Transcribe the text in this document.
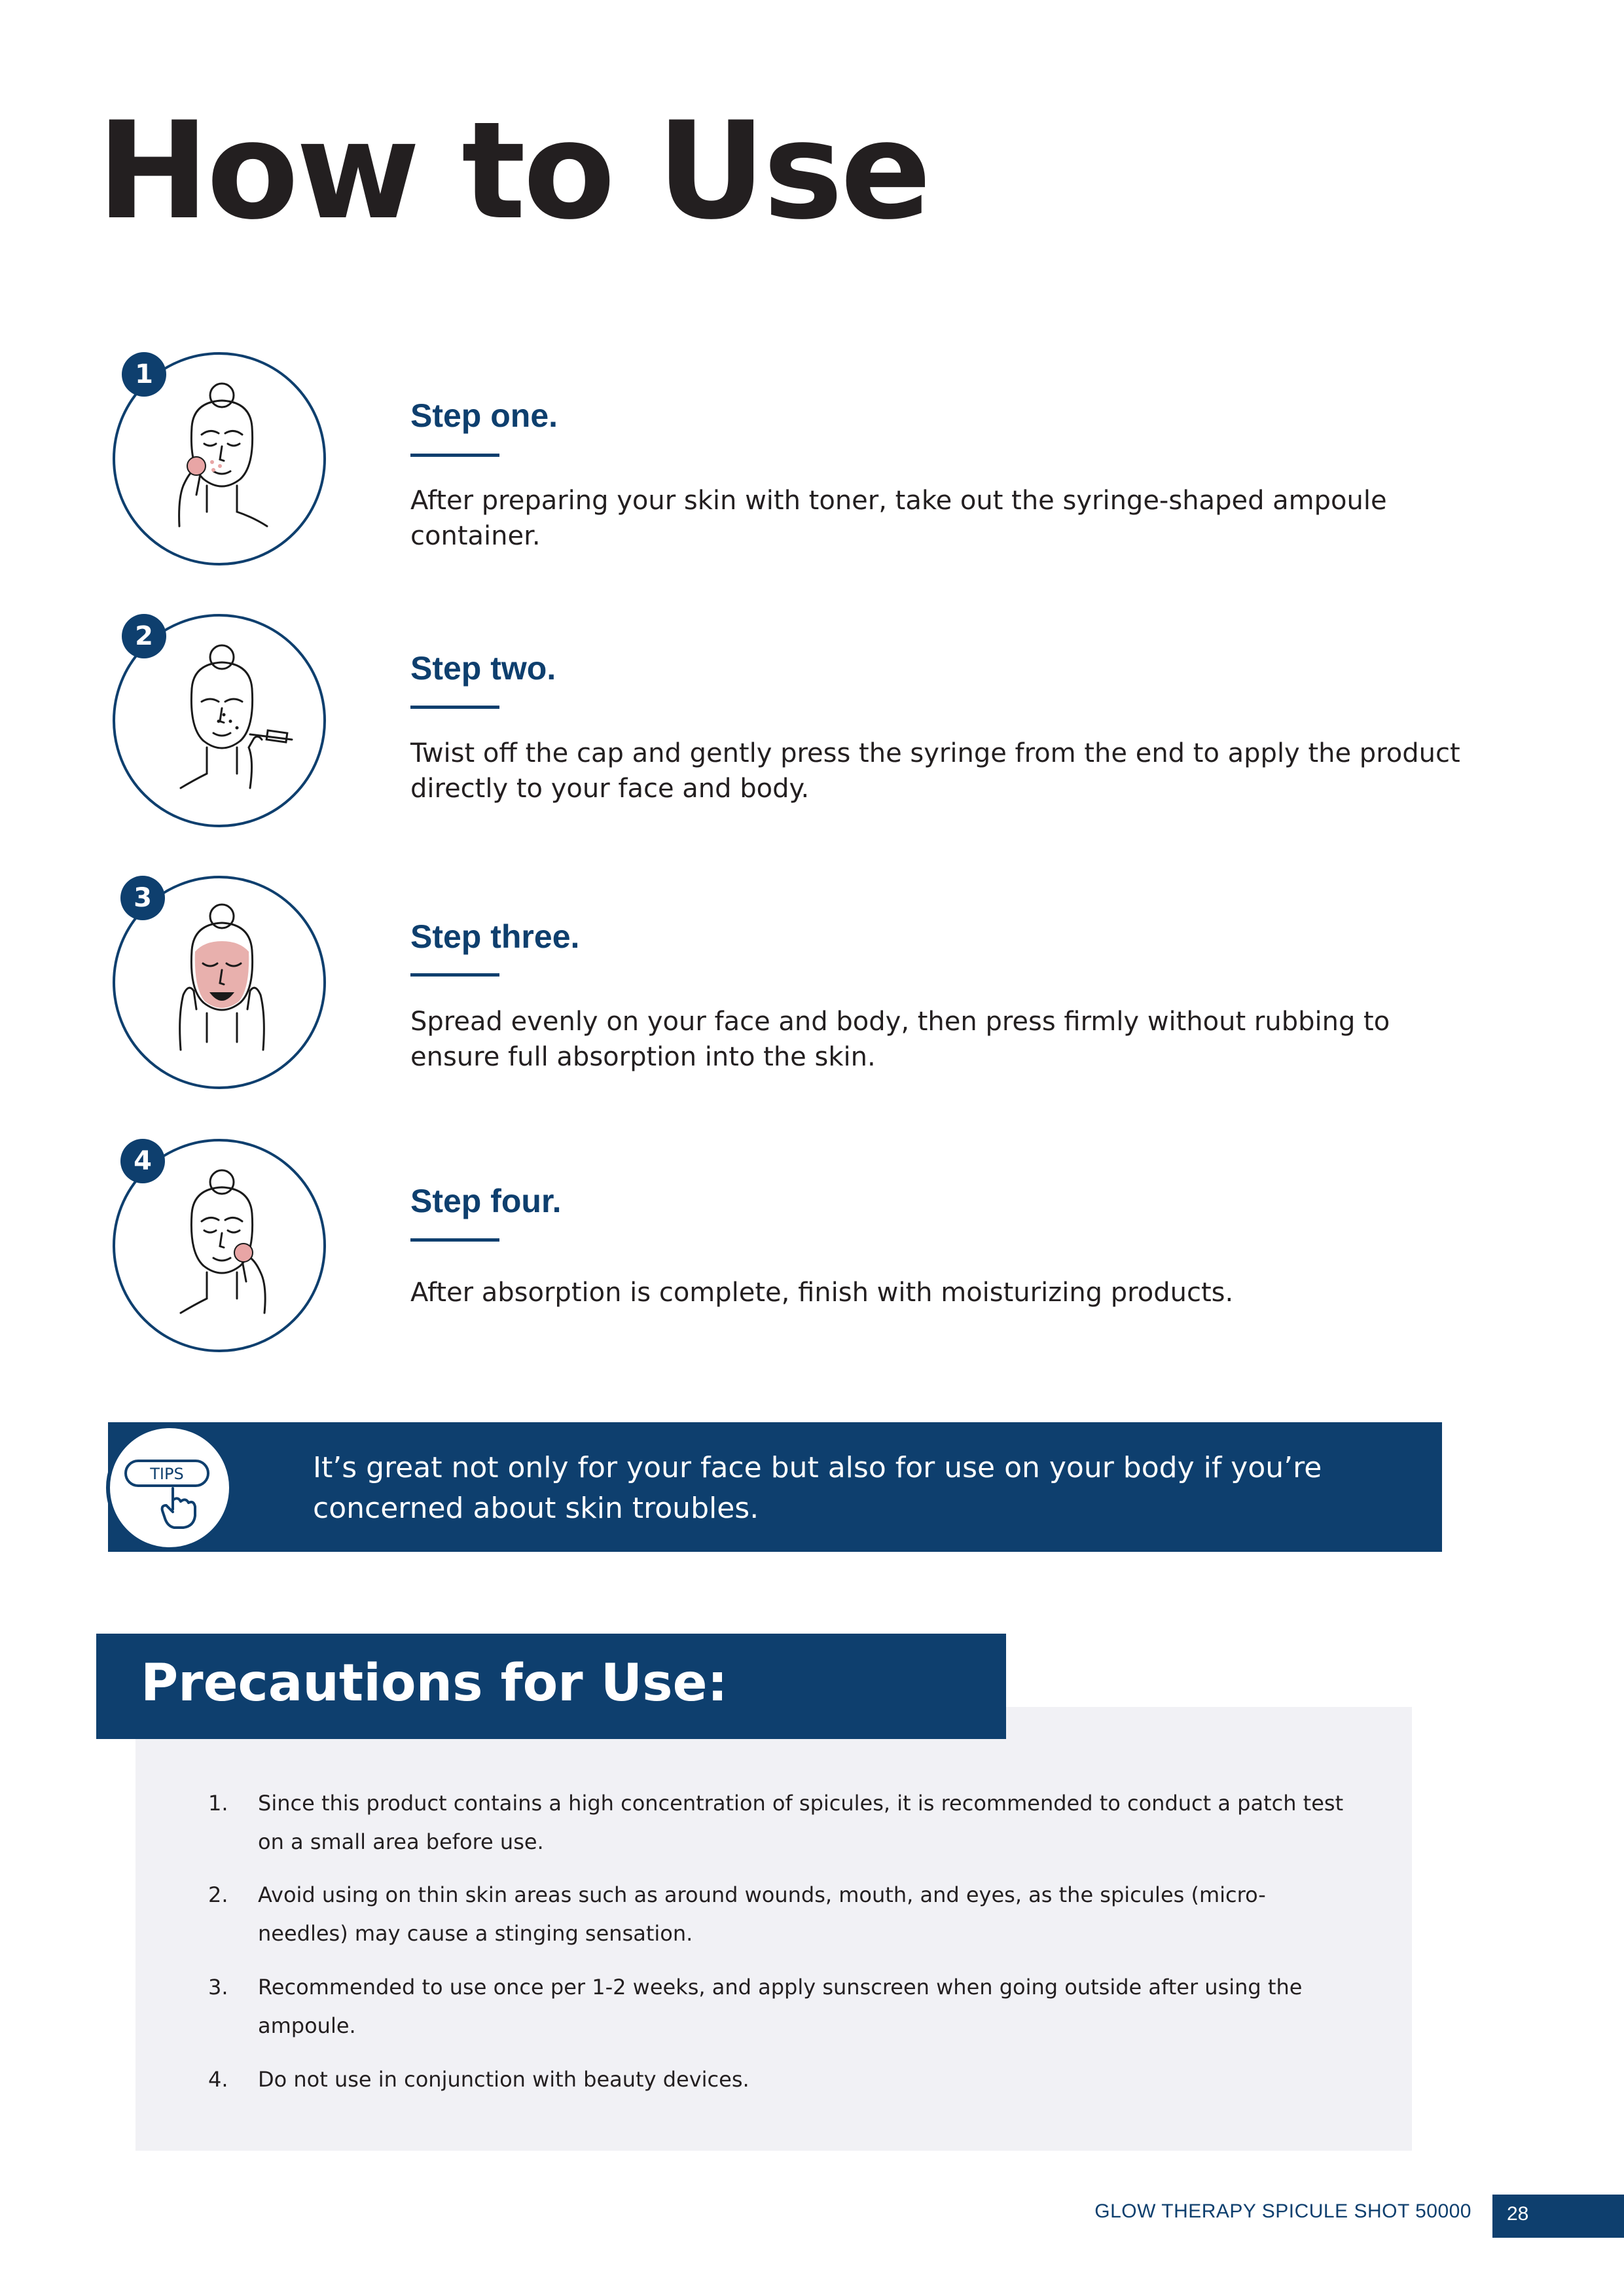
How to Use
1
Step one.
After preparing your skin with toner, take out the syringe-shaped ampoule container.
2
Step two.
Twist off the cap and gently press the syringe from the end to apply the product directly to your face and body.
3
Step three.
Spread evenly on your face and body, then press firmly without rubbing to ensure full absorption into the skin.
4
Step four.
After absorption is complete, finish with moisturizing products.
TIPS	It’s great not only for your face but also for use on your body if you’re concerned about skin troubles.
Precautions for Use:
1. Since this product contains a high concentration of spicules, it is recommended to conduct a patch test on a small area before use.
2. Avoid using on thin skin areas such as around wounds, mouth, and eyes, as the spicules (micro-needles) may cause a stinging sensation.
3. Recommended to use once per 1-2 weeks, and apply sunscreen when going outside after using the ampoule.
4. Do not use in conjunction with beauty devices.
GLOW THERAPY SPICULE SHOT 50000 28
